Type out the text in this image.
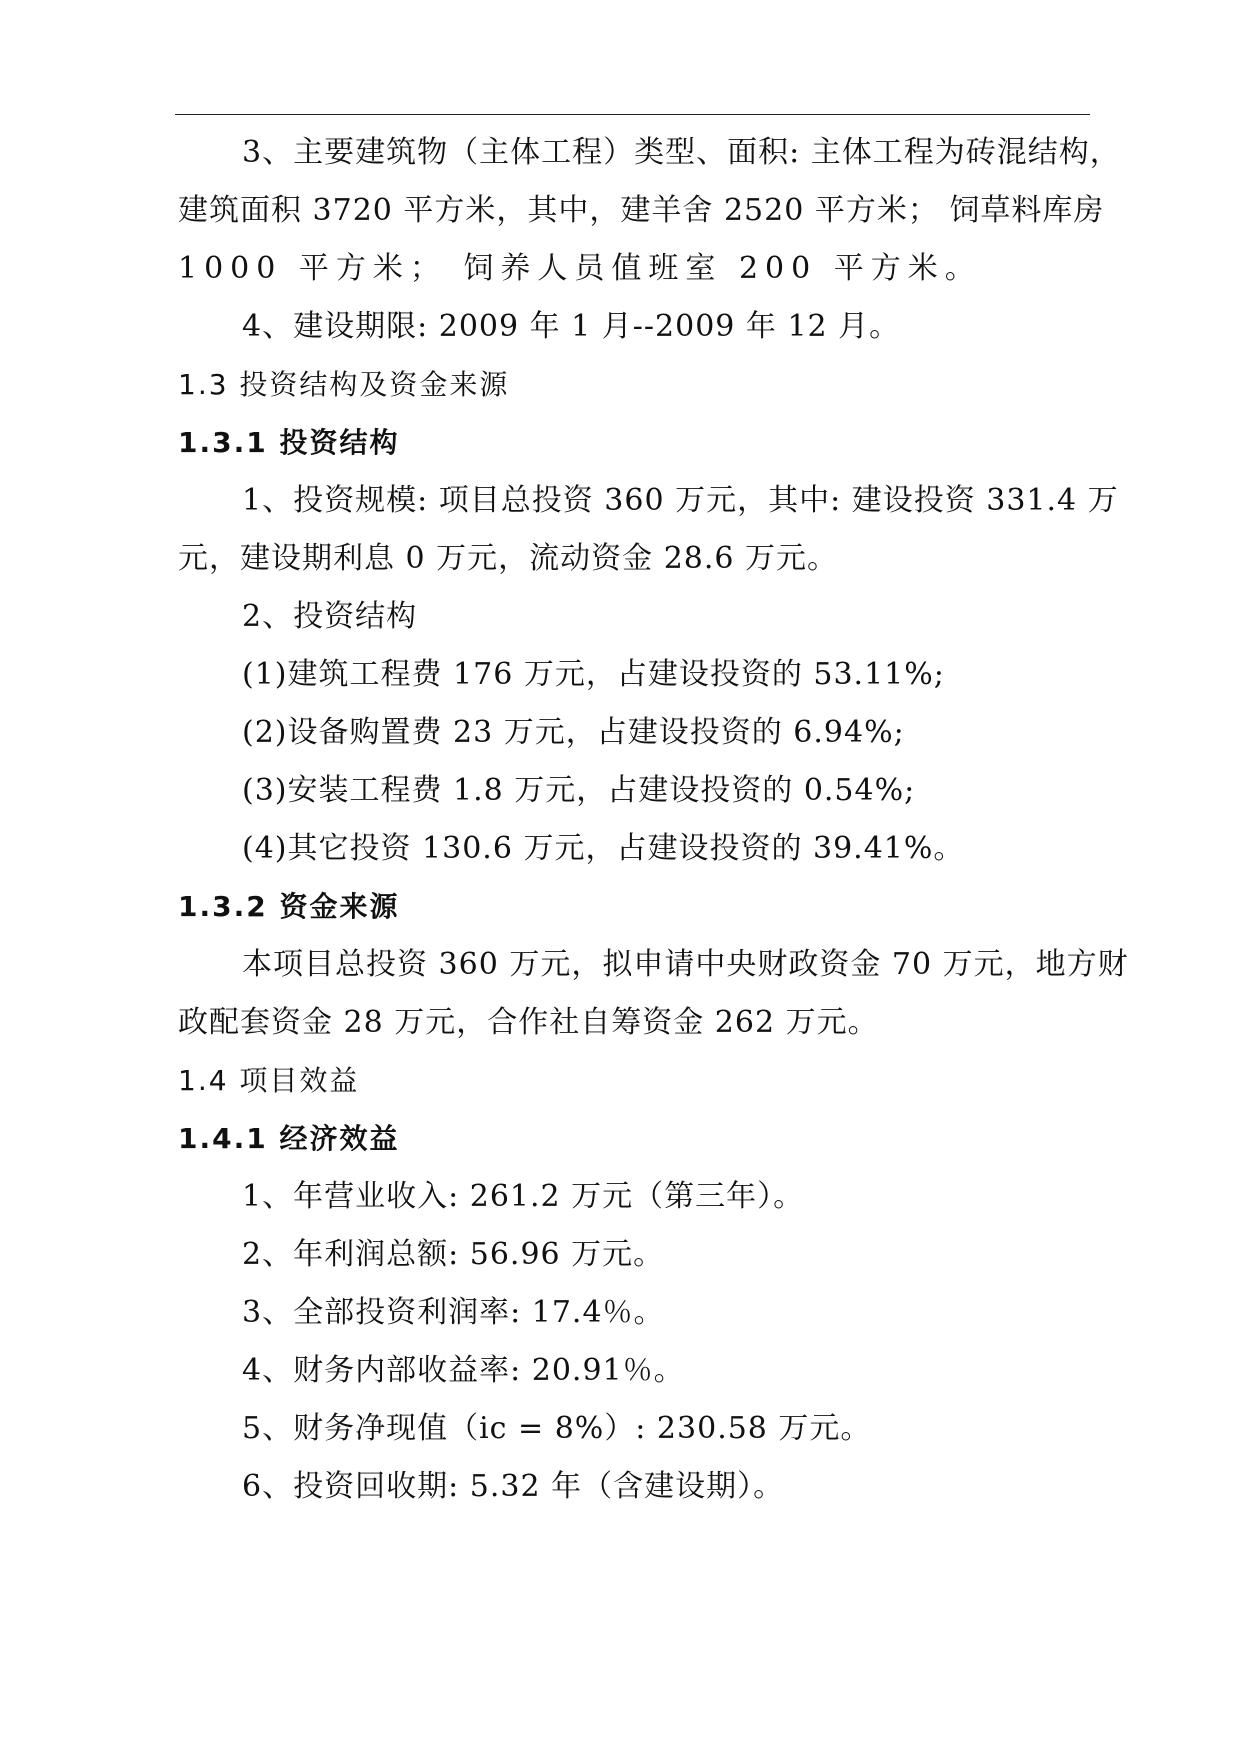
3、主要建筑物（主体工程）类型、面积: 主体工程为砖混结构，
建筑面积 3720 平方米，其中，建羊舍 2520 平方米； 饲草料库房
1000 平方米； 饲养人员值班室 200 平方米。
4、建设期限: 2009 年 1 月--2009 年 12 月。
1.3 投资结构及资金来源
1.3.1 投资结构
1、投资规模: 项目总投资 360 万元，其中: 建设投资 331.4 万
元，建设期利息 0 万元，流动资金 28.6 万元。
2、投资结构
(1)建筑工程费 176 万元，占建设投资的 53.11%;
(2)设备购置费 23 万元，占建设投资的 6.94%;
(3)安装工程费 1.8 万元，占建设投资的 0.54%;
(4)其它投资 130.6 万元，占建设投资的 39.41%。
1.3.2 资金来源
本项目总投资 360 万元，拟申请中央财政资金 70 万元，地方财
政配套资金 28 万元，合作社自筹资金 262 万元。
1.4 项目效益
1.4.1 经济效益
1、年营业收入: 261.2 万元（第三年）。
2、年利润总额: 56.96 万元。
3、全部投资利润率: 17.4％。
4、财务内部收益率: 20.91％。
5、财务净现值（ic = 8%）: 230.58 万元。
6、投资回收期: 5.32 年（含建设期）。
